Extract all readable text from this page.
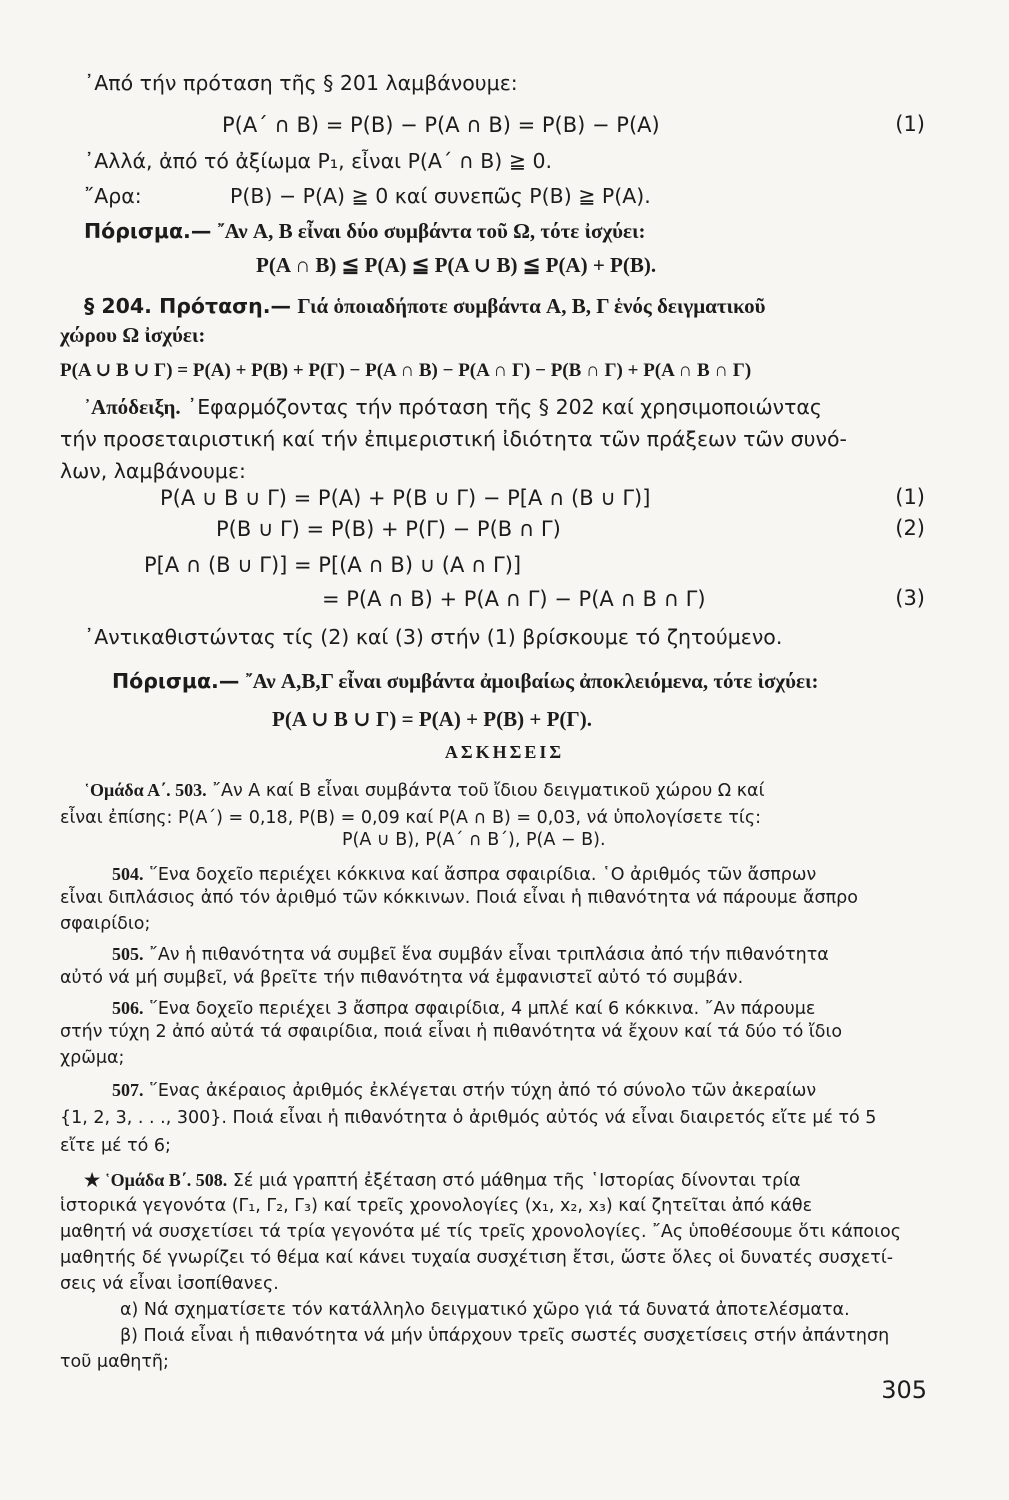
᾽Από τήν πρόταση τῆς § 201 λαμβάνουμε:
P(A΄ ∩ B) = P(B) − P(A ∩ B) = P(B) − P(A)	(1)
᾽Αλλά, ἀπό τό ἀξίωμα P₁, εἶναι P(A΄ ∩ B) ≧ 0.
῎Αρα:	P(B) − P(A) ≧ 0 καί συνεπῶς P(B) ≧ P(A).
Πόρισμα.— ῎Αν A, B εἶναι δύο συμβάντα τοῦ Ω, τότε ἰσχύει:
P(A ∩ B) ≦ P(A) ≦ P(A ∪ B) ≦ P(A) + P(B).
§ 204. Πρόταση.— Γιά ὁποιαδήποτε συμβάντα A, B, Γ ἑνός δειγματικοῦ
χώρου Ω ἰσχύει:
P(A ∪ B ∪ Γ) = P(A) + P(B) + P(Γ) − P(A ∩ B) − P(A ∩ Γ) − P(B ∩ Γ) + P(A ∩ B ∩ Γ)
᾽Απόδειξη. ᾽Εφαρμόζοντας τήν πρόταση τῆς § 202 καί χρησιμοποιώντας
τήν προσεταιριστική καί τήν ἐπιμεριστική ἰδιότητα τῶν πράξεων τῶν συνό-
λων, λαμβάνουμε:
P(A ∪ B ∪ Γ) = P(A) + P(B ∪ Γ) − P[A ∩ (B ∪ Γ)]	(1)
P(B ∪ Γ) = P(B) + P(Γ) − P(B ∩ Γ)	(2)
P[A ∩ (B ∪ Γ)] = P[(A ∩ B) ∪ (A ∩ Γ)]
= P(A ∩ B) + P(A ∩ Γ) − P(A ∩ B ∩ Γ)	(3)
᾽Αντικαθιστώντας τίς (2) καί (3) στήν (1) βρίσκουμε τό ζητούμενο.
Πόρισμα.— ῎Αν A,B,Γ εἶναι συμβάντα ἀμοιβαίως ἀποκλειόμενα, τότε ἰσχύει:
P(A ∪ B ∪ Γ) = P(A) + P(B) + P(Γ).
ΑΣΚΗΣΕΙΣ
῾Ομάδα Α΄. 503. ῎Αν A καί B εἶναι συμβάντα τοῦ ἴδιου δειγματικοῦ χώρου Ω καί
εἶναι ἐπίσης: P(A΄) = 0,18, P(B) = 0,09 καί P(A ∩ B) = 0,03, νά ὑπολογίσετε τίς:
P(A ∪ B), P(A΄ ∩ B΄), P(A − B).
504. ῞Ενα δοχεῖο περιέχει κόκκινα καί ἄσπρα σφαιρίδια. ῾Ο ἀριθμός τῶν ἄσπρων
εἶναι διπλάσιος ἀπό τόν ἀριθμό τῶν κόκκινων. Ποιά εἶναι ἡ πιθανότητα νά πάρουμε ἄσπρο
σφαιρίδιο;
505. ῎Αν ἡ πιθανότητα νά συμβεῖ ἕνα συμβάν εἶναι τριπλάσια ἀπό τήν πιθανότητα
αὐτό νά μή συμβεῖ, νά βρεῖτε τήν πιθανότητα νά ἐμφανιστεῖ αὐτό τό συμβάν.
506. ῞Ενα δοχεῖο περιέχει 3 ἄσπρα σφαιρίδια, 4 μπλέ καί 6 κόκκινα. ῎Αν πάρουμε
στήν τύχη 2 ἀπό αὐτά τά σφαιρίδια, ποιά εἶναι ἡ πιθανότητα νά ἔχουν καί τά δύο τό ἴδιο
χρῶμα;
507. ῞Ενας ἀκέραιος ἀριθμός ἐκλέγεται στήν τύχη ἀπό τό σύνολο τῶν ἀκεραίων
{1, 2, 3, . . ., 300}. Ποιά εἶναι ἡ πιθανότητα ὁ ἀριθμός αὐτός νά εἶναι διαιρετός εἴτε μέ τό 5
εἴτε μέ τό 6;
★ ῾Ομάδα Β΄. 508. Σέ μιά γραπτή ἐξέταση στό μάθημα τῆς ῾Ιστορίας δίνονται τρία
ἱστορικά γεγονότα (Γ₁, Γ₂, Γ₃) καί τρεῖς χρονολογίες (x₁, x₂, x₃) καί ζητεῖται ἀπό κάθε
μαθητή νά συσχετίσει τά τρία γεγονότα μέ τίς τρεῖς χρονολογίες. ῎Ας ὑποθέσουμε ὅτι κάποιος
μαθητής δέ γνωρίζει τό θέμα καί κάνει τυχαία συσχέτιση ἔτσι, ὥστε ὅλες οἱ δυνατές συσχετί-
σεις νά εἶναι ἰσοπίθανες.
α) Νά σχηματίσετε τόν κατάλληλο δειγματικό χῶρο γιά τά δυνατά ἀποτελέσματα.
β) Ποιά εἶναι ἡ πιθανότητα νά μήν ὑπάρχουν τρεῖς σωστές συσχετίσεις στήν ἀπάντηση
τοῦ μαθητῆ;
305
